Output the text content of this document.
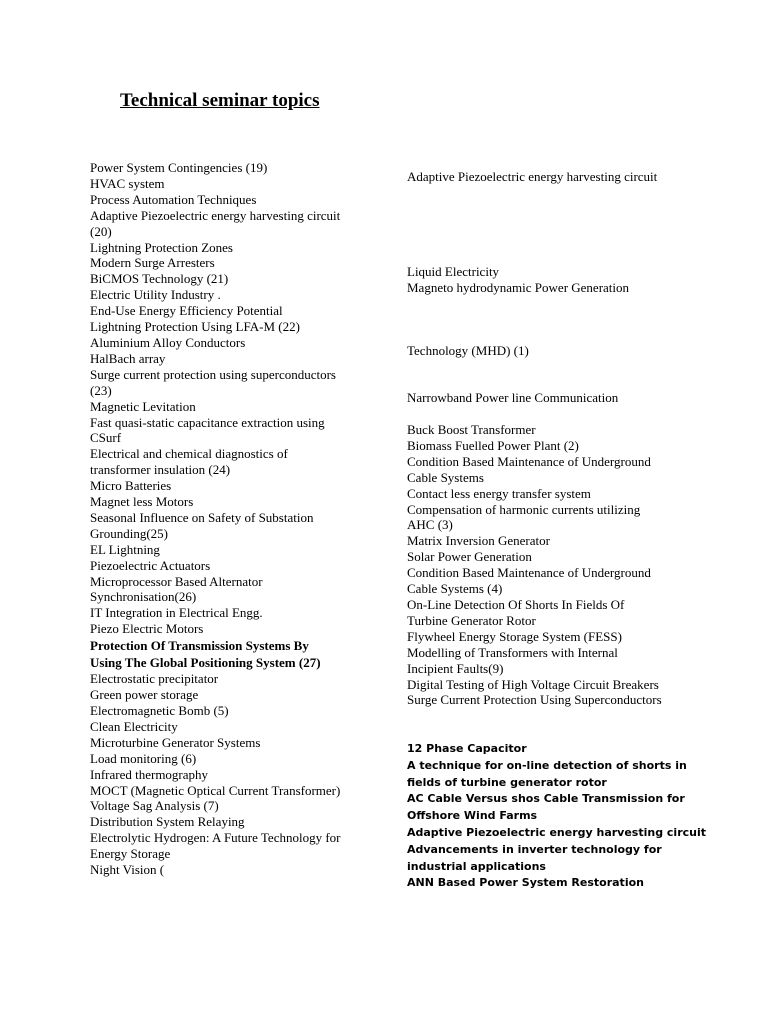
Technical seminar topics
Power System Contingencies (19)
HVAC system
Process Automation Techniques
Adaptive Piezoelectric energy harvesting circuit
(20)
Lightning Protection Zones
Modern Surge Arresters
BiCMOS Technology (21)
Electric Utility Industry .
End-Use Energy Efficiency Potential
Lightning Protection Using LFA-M (22)
Aluminium Alloy Conductors
HalBach array
Surge current protection using superconductors
(23)
Magnetic Levitation
Fast quasi-static capacitance extraction using
CSurf
Electrical and chemical diagnostics of
transformer insulation (24)
Micro Batteries
Magnet less Motors
Seasonal Influence on Safety of Substation
Grounding(25)
EL Lightning
Piezoelectric Actuators
Microprocessor Based Alternator
Synchronisation(26)
IT Integration in Electrical Engg.
Piezo Electric Motors
Protection Of Transmission Systems By
Using The Global Positioning System (27)
Electrostatic precipitator
Green power storage
Electromagnetic Bomb (5)
Clean Electricity
Microturbine Generator Systems
Load monitoring (6)
Infrared thermography
MOCT (Magnetic Optical Current Transformer)
Voltage Sag Analysis (7)
Distribution System Relaying
Electrolytic Hydrogen: A Future Technology for
Energy Storage
Night Vision (
Adaptive Piezoelectric energy harvesting circuit
Liquid Electricity
Magneto hydrodynamic Power Generation
Technology (MHD) (1)
Narrowband Power line Communication
Buck Boost Transformer
Biomass Fuelled Power Plant (2)
Condition Based Maintenance of Underground
Cable Systems
Contact less energy transfer system
Compensation of harmonic currents utilizing
AHC (3)
Matrix Inversion Generator
Solar Power Generation
Condition Based Maintenance of Underground
Cable Systems (4)
On-Line Detection Of Shorts In Fields Of
Turbine Generator Rotor
Flywheel Energy Storage System (FESS)
Modelling of Transformers with Internal
Incipient Faults(9)
Digital Testing of High Voltage Circuit Breakers
Surge Current Protection Using Superconductors
12 Phase Capacitor
A technique for on-line detection of shorts in
fields of turbine generator rotor
AC Cable Versus shos Cable Transmission for
Offshore Wind Farms
Adaptive Piezoelectric energy harvesting circuit
Advancements in inverter technology for
industrial applications
ANN Based Power System Restoration
